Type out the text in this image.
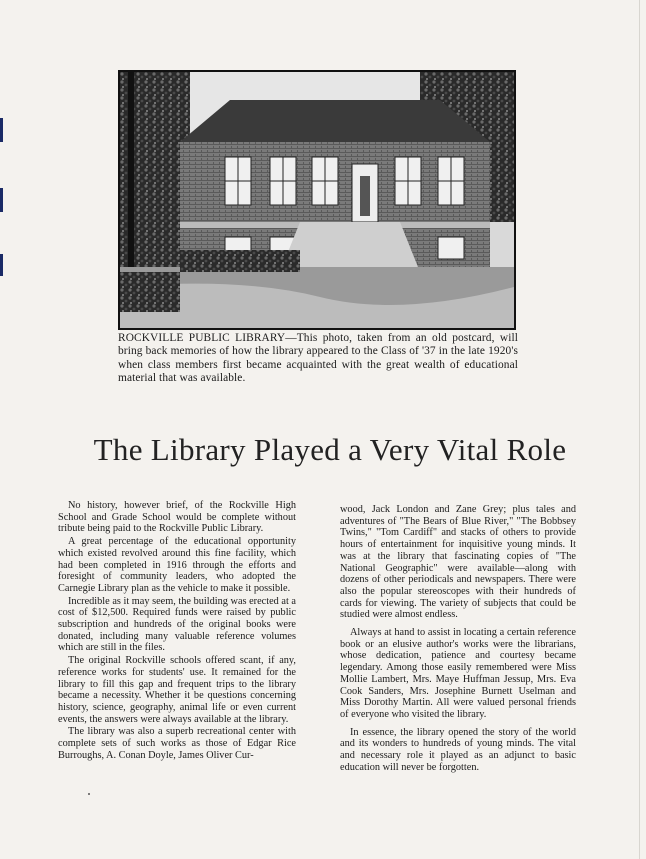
ROCKVILLE PUBLIC LIBRARY—This photo, taken from an old postcard, will bring back memories of how the library appeared to the Class of '37 in the late 1920's when class members first became acquainted with the great wealth of educational material that was available.
The Library Played a Very Vital Role

No history, however brief, of the Rockville High School and Grade School would be complete without tribute being paid to the Rockville Public Library.

A great percentage of the educational opportunity which existed revolved around this fine facility, which had been completed in 1916 through the efforts and foresight of community leaders, who adopted the Carnegie Library plan as the vehicle to make it possible.

Incredible as it may seem, the building was erected at a cost of $12,500. Required funds were raised by public subscription and hundreds of the original books were donated, including many valuable reference volumes which are still in the files.

The original Rockville schools offered scant, if any, reference works for students' use. It remained for the library to fill this gap and frequent trips to the library became a necessity. Whether it be questions concerning history, science, geography, animal life or even current events, the answers were always available at the library.

The library was also a superb recreational center with complete sets of such works as those of Edgar Rice Burroughs, A. Conan Doyle, James Oliver Cur-

wood, Jack London and Zane Grey; plus tales and adventures of "The Bears of Blue River," "The Bobbsey Twins," "Tom Cardiff" and stacks of others to provide hours of entertainment for inquisitive young minds. It was at the library that fascinating copies of "The National Geographic" were available—along with dozens of other periodicals and newspapers. There were also the popular stereoscopes with their hundreds of cards for viewing. The variety of subjects that could be studied were almost endless.

Always at hand to assist in locating a certain reference book or an elusive author's works were the librarians, whose dedication, patience and courtesy became legendary. Among those easily remembered were Miss Mollie Lambert, Mrs. Maye Huffman Jessup, Mrs. Eva Cook Sanders, Mrs. Josephine Burnett Uselman and Miss Dorothy Martin. All were valued personal friends of everyone who visited the library.

In essence, the library opened the story of the world and its wonders to hundreds of young minds. The vital and necessary role it played as an adjunct to basic education will never be forgotten.
